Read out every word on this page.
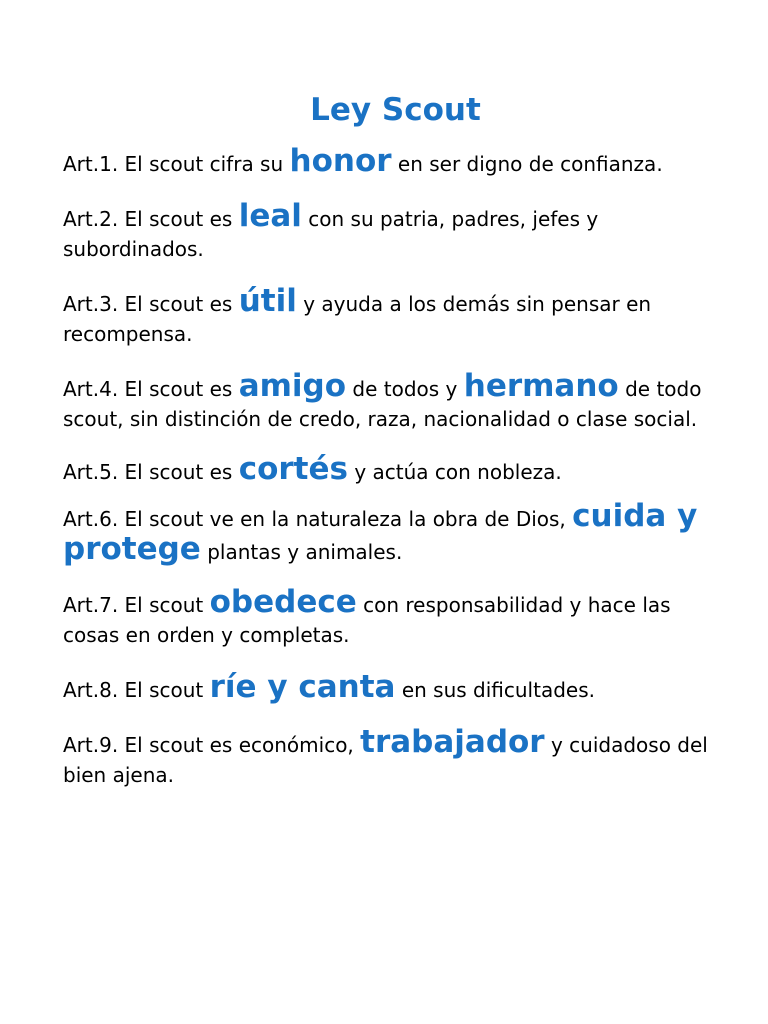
Ley Scout

Art.1. El scout cifra su honor en ser digno de confianza.

Art.2. El scout es leal con su patria, padres, jefes y subordinados.

Art.3. El scout es útil y ayuda a los demás sin pensar en recompensa.

Art.4. El scout es amigo de todos y hermano de todo scout, sin distinción de credo, raza, nacionalidad o clase social.

Art.5. El scout es cortés y actúa con nobleza.

Art.6. El scout ve en la naturaleza la obra de Dios, cuida y protege plantas y animales.

Art.7. El scout obedece con responsabilidad y hace las cosas en orden y completas.

Art.8. El scout ríe y canta en sus dificultades.

Art.9. El scout es económico, trabajador y cuidadoso del bien ajena.
